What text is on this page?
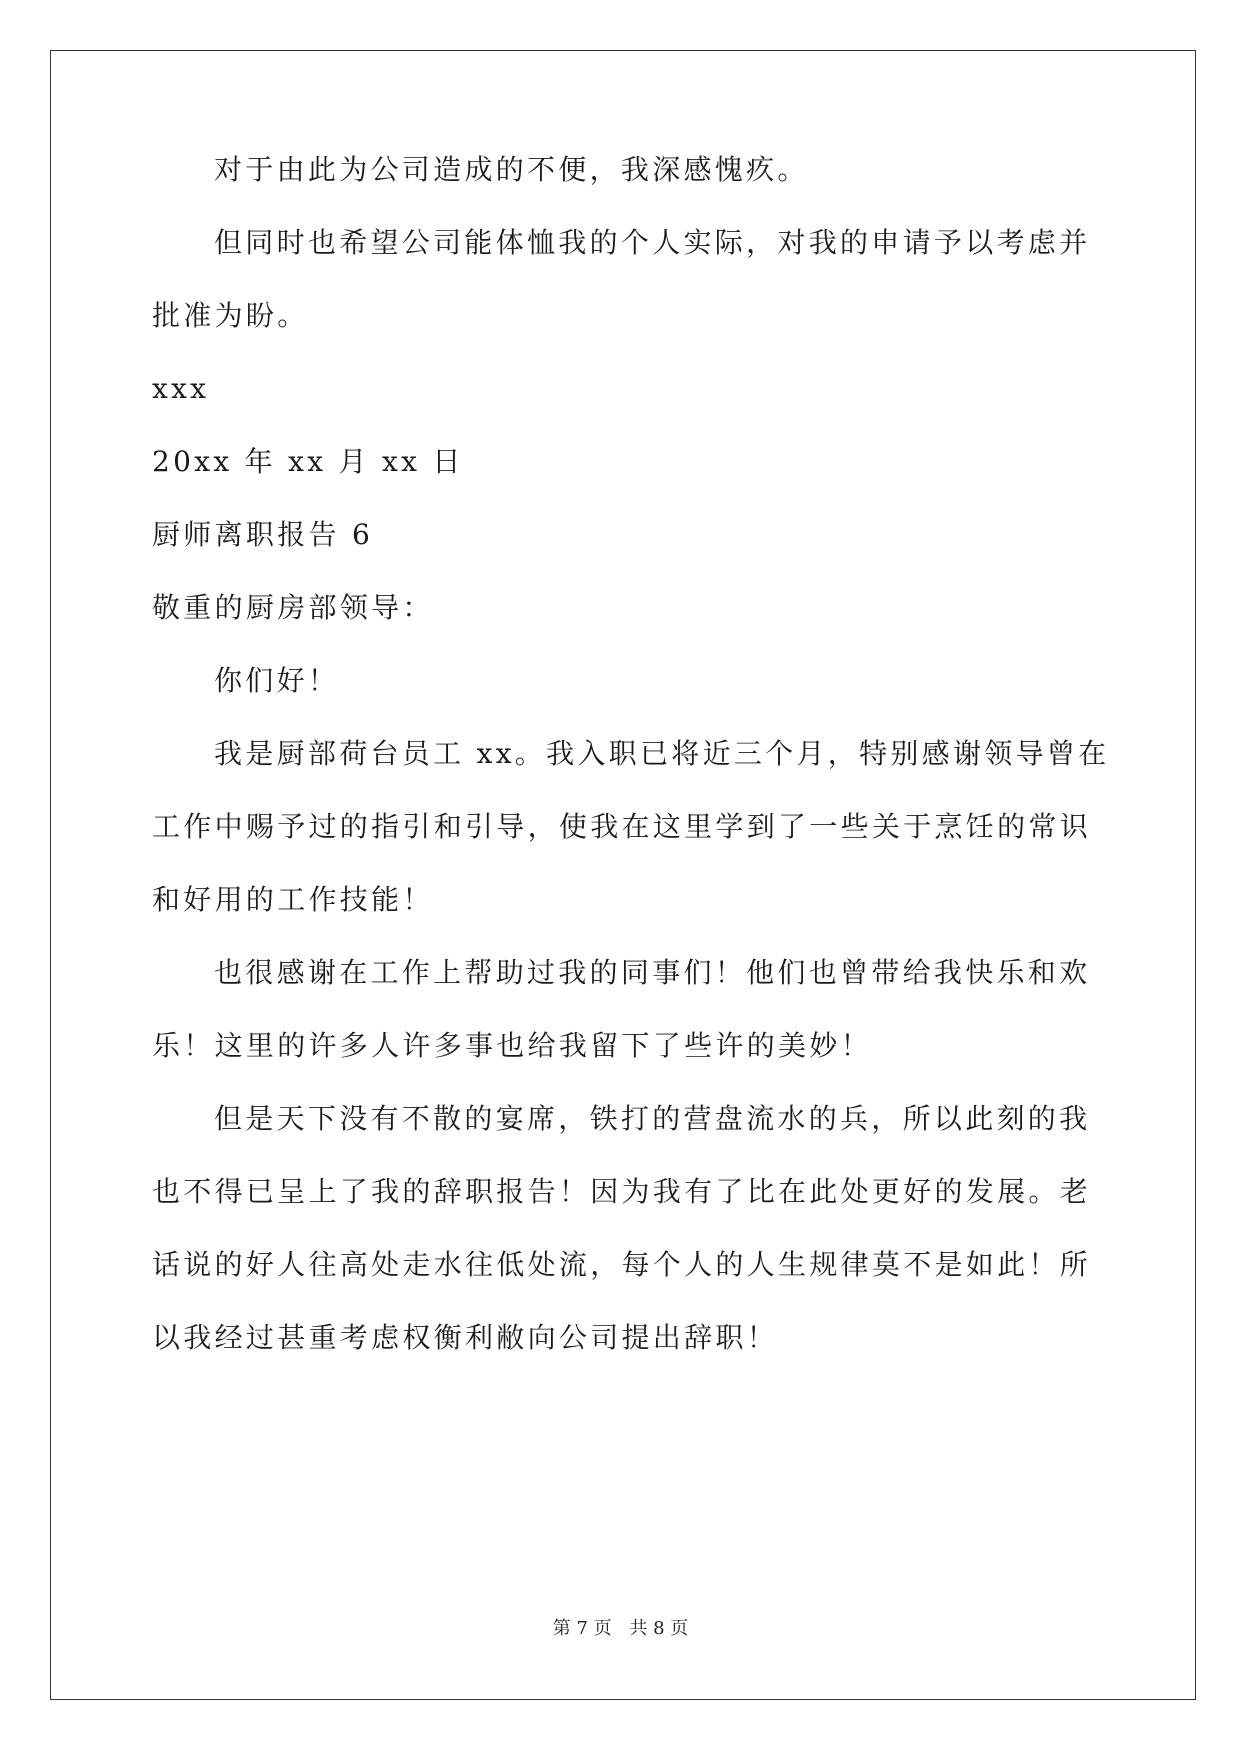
对于由此为公司造成的不便，我深感愧疚。
但同时也希望公司能体恤我的个人实际，对我的申请予以考虑并
批准为盼。
xxx
20xx 年 xx 月 xx 日
厨师离职报告 6
敬重的厨房部领导：
你们好！
我是厨部荷台员工 xx。我入职已将近三个月，特别感谢领导曾在
工作中赐予过的指引和引导，使我在这里学到了一些关于烹饪的常识
和好用的工作技能！
也很感谢在工作上帮助过我的同事们！他们也曾带给我快乐和欢
乐！这里的许多人许多事也给我留下了些许的美妙！
但是天下没有不散的宴席，铁打的营盘流水的兵，所以此刻的我
也不得已呈上了我的辞职报告！因为我有了比在此处更好的发展。老
话说的好人往高处走水往低处流，每个人的人生规律莫不是如此！所
以我经过甚重考虑权衡利敝向公司提出辞职！
第 7 页 共 8 页
